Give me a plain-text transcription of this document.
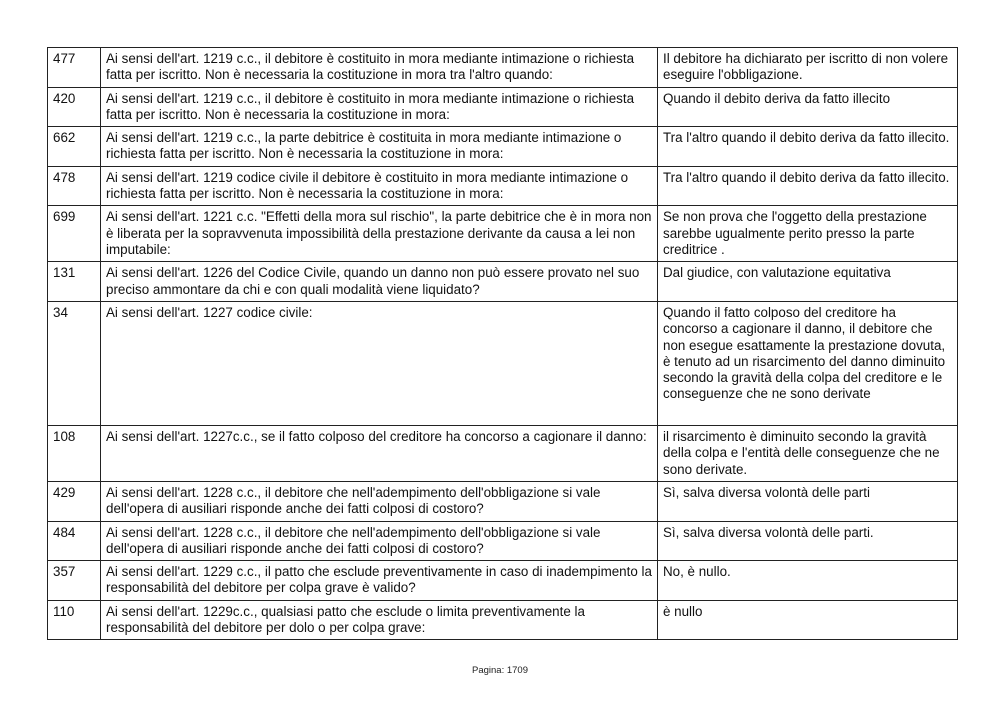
477	Ai sensi dell'art. 1219 c.c., il debitore è costituito in mora mediante intimazione o richiesta fatta per iscritto. Non è necessaria la costituzione in mora tra l'altro quando:	Il debitore ha dichiarato per iscritto di non volere eseguire l'obbligazione.
420	Ai sensi dell'art. 1219 c.c., il debitore è costituito in mora mediante intimazione o richiesta fatta per iscritto. Non è necessaria la costituzione in mora:	Quando il debito deriva da fatto illecito
662	Ai sensi dell'art. 1219 c.c., la parte debitrice è costituita in mora mediante intimazione o richiesta fatta per iscritto. Non è necessaria la costituzione in mora:	Tra l'altro quando il debito deriva da fatto illecito.
478	Ai sensi dell'art. 1219 codice civile il debitore è costituito in mora mediante intimazione o richiesta fatta per iscritto. Non è necessaria la costituzione in mora:	Tra l'altro quando il debito deriva da fatto illecito.
699	Ai sensi dell'art. 1221 c.c. "Effetti della mora sul rischio", la parte debitrice che è in mora non è liberata per la sopravvenuta impossibilità della prestazione derivante da causa a lei non imputabile:	Se non prova che l'oggetto della prestazione sarebbe ugualmente perito presso la parte creditrice .
131	Ai sensi dell'art. 1226 del Codice Civile, quando un danno non può essere provato nel suo preciso ammontare da chi e con quali modalità viene liquidato?	Dal giudice, con valutazione equitativa
34	Ai sensi dell'art. 1227 codice civile:	Quando il fatto colposo del creditore ha concorso a cagionare il danno, il debitore che non esegue esattamente la prestazione dovuta, è tenuto ad un risarcimento del danno diminuito secondo la gravità della colpa del creditore e le conseguenze che ne sono derivate
108	Ai sensi dell'art. 1227c.c., se il fatto colposo del creditore ha concorso a cagionare il danno:	il risarcimento è diminuito secondo la gravità della colpa e l'entità delle conseguenze che ne sono derivate.
429	Ai sensi dell'art. 1228 c.c., il debitore che nell'adempimento dell'obbligazione si vale dell'opera di ausiliari risponde anche dei fatti colposi di costoro?	Sì, salva diversa volontà delle parti
484	Ai sensi dell'art. 1228 c.c., il debitore che nell'adempimento dell'obbligazione si vale dell'opera di ausiliari risponde anche dei fatti colposi di costoro?	Sì, salva diversa volontà delle parti.
357	Ai sensi dell'art. 1229 c.c., il patto che esclude preventivamente in caso di inadempimento la responsabilità del debitore per colpa grave è valido?	No, è nullo.
110	Ai sensi dell'art. 1229c.c., qualsiasi patto che esclude o limita preventivamente la responsabilità del debitore per dolo o per colpa grave:	è nullo
Pagina: 1709
